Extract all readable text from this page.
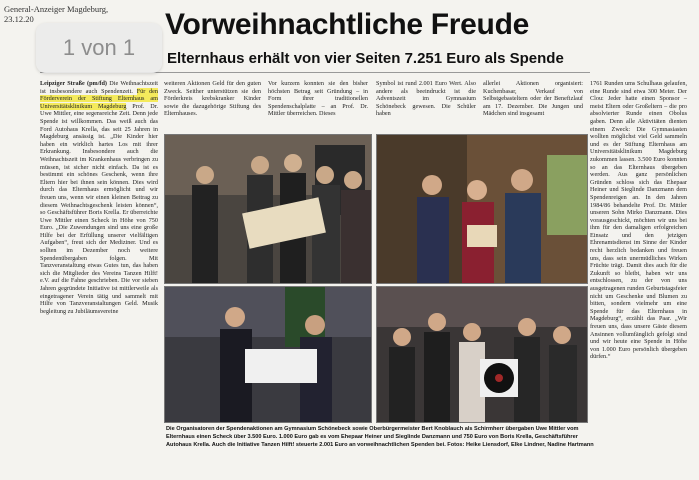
General-Anzeiger Magdeburg,
23.12.20	Vorweihnachtliche Freude
Elternhaus erhält von vier Seiten 7.251 Euro als Spende

Leipziger Straße (pm/fd) Die Weihnachtszeit ist insbesondere auch Spendenzeit. Für den Förderverein der Stiftung Elternhaus am Universitätsklinikum Magdeburg Prof. Dr. Uwe Mittler, eine segensreiche Zeit. Denn jede Spende ist willkommen. Das weiß auch das Ford Autohaus Krella, das seit 25 Jahren in Magdeburg ansässig ist. „Die Kinder hier haben ein wirklich hartes Los mit ihrer Erkrankung. Insbesondere auch die Weihnachtszeit im Krankenhaus verbringen zu müssen, ist sicher nicht einfach. Da ist es bestimmt ein schönes Geschenk, wenn ihre Eltern hier bei ihnen sein können. Dies wird durch das Elternhaus ermöglicht und wir freuen uns, wenn wir einen kleinen Beitrag zu diesem Weihnachtsgeschenk leisten können“, so Geschäftsführer Boris Krella. Er überreichte Uwe Mittler einen Scheck in Höhe von 750 Euro. „Die Zuwendungen sind uns eine große Hilfe bei der Erfüllung unserer vielfältigen Aufgaben“, freut sich der Mediziner. Und es sollten im Dezember noch weitere Spendenübergaben folgen. Mit Tanzveranstaltung etwas Gutes tun, das haben sich die Mitglieder des Vereins Tanzen Hilft! e.V. auf die Fahne geschrieben. Die vor sieben Jahren gegründete Initiative ist mittlerweile als eingetragener Verein tätig und sammelt mit Hilfe von Tanzveranstaltungen Geld. Musik begleitung zu Jubiläumsvereine

weiteren Aktionen Geld für den guten Zweck. Seither unterstützen sie den Förderkreis krebskranker Kinder sowie die dazugehörige Stiftung des Elternhauses.
Vor kurzem konnten sie den bisher höchsten Betrag seit Gründung – in Form ihrer traditionellen Spendenschalplatte – an Prof. Dr. Mittler überreichen. Dieses
Symbol ist rund 2.001 Euro Wert. Also andere als beeindruckt ist die Adventszeit im Gymnasium Schönebeck gewesen. Die Schüler haben
allerlei Aktionen organisiert: Kuchenbasar, Verkauf von Selbstgebasteltem oder der Benefizlauf am 17. Dezember. Die Jungen und Mädchen sind insgesamt
1761 Runden ums Schulhaus gelaufen, eine Runde sind etwa 300 Meter. Der Clou: Jeder hatte einen Sponsor – meist Eltern oder Großeltern – die pro absolvierter Runde einen Obolus gaben. Denn alle Aktivitäten dienten einem Zweck: Die Gymnasiasten wollten möglichst viel Geld sammeln und es der Stiftung Elternhaus am Universitätsklinikum Magdeburg zukommen lassen. 3.500 Euro konnten so an das Elternhaus übergeben werden. Aus ganz persönlichen Gründen schloss sich das Ehepaar Heiner und Sieglinde Danzmann dem Spendenreigen an. In den Jahren 1984/86 behandelte Prof. Dr. Mittler unseren Sohn Mirko Danzmann. Dies vorausgeschickt, möchten wir uns bei ihm für den damaligen erfolgreichen Einsatz und den jetzigen Ehrenamtsdienst im Sinne der Kinder recht herzlich bedanken und freuen uns, dass sein unermüdliches Wirken Früchte trägt. Damit dies auch für die Zukunft so bleibt, haben wir uns entschlossen, zu der von uns ausgetragenen runden Geburtstagsfeier nicht um Geschenke und Blumen zu bitten, sondern vielmehr um eine Spende für das Elternhaus in Magdeburg“, erzählt das Paar. „Wir freuen uns, dass unsere Gäste diesem Ansinnen vollumfänglich gefolgt sind und wir heute eine Spende in Höhe von 1.000 Euro persönlich übergeben dürfen.“
Die Organisatoren der Spendenaktionen am Gymnasium Schönebeck sowie Oberbürgermeister Bert Knoblauch als Schirmherr übergaben Uwe Mittler vom Elternhaus einen Scheck über 3.500 Euro. 1.000 Euro gab es vom Ehepaar Heiner und Sieglinde Danzmann und 750 Euro von Boris Krella, Geschäftsführer Autohaus Krella. Auch die Initiative Tanzen Hilft! steuerte 2.001 Euro an vorweihnachtlichen Spenden bei. Fotos: Heike Liensdorf, Elke Lindner, Nadine Hartmann
1 von 1
